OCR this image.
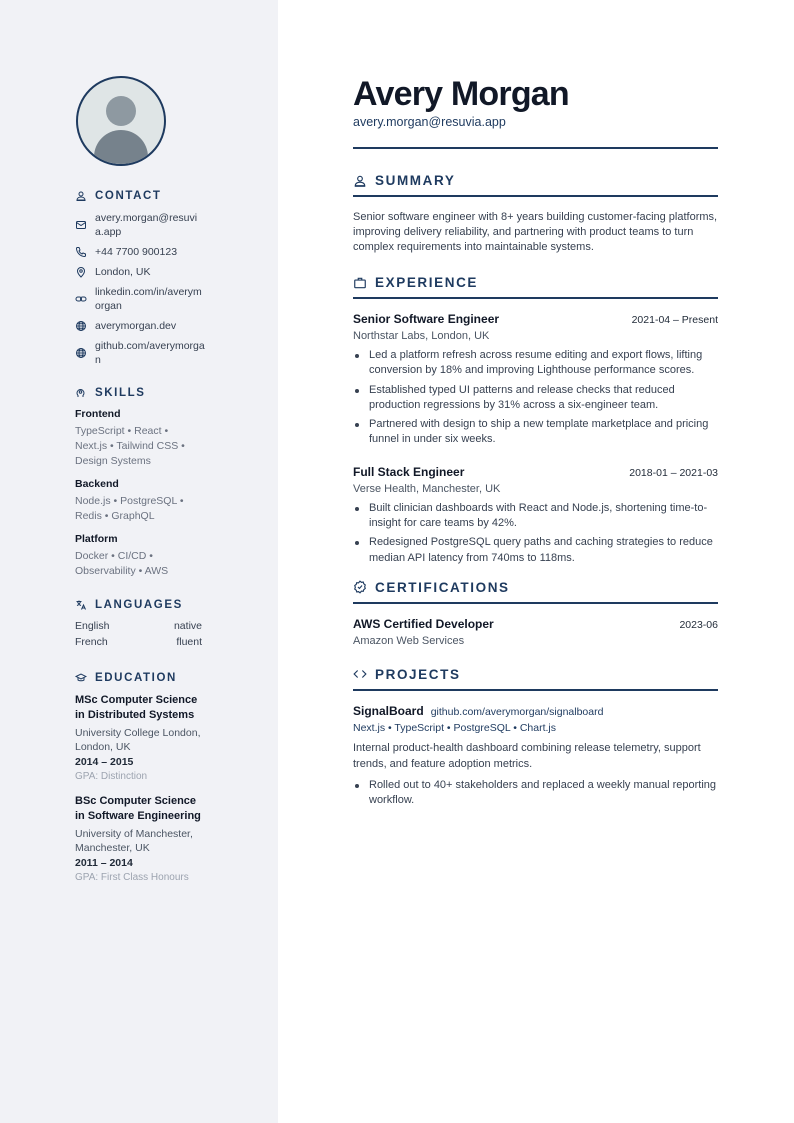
CONTACT
avery.morgan@resuvia.app
+44 7700 900123
London, UK
linkedin.com/in/averymorgan
averymorgan.dev
github.com/averymorgan
SKILLS
Frontend
TypeScript • React • Next.js • Tailwind CSS • Design Systems
Backend
Node.js • PostgreSQL • Redis • GraphQL
Platform
Docker • CI/CD • Observability • AWS
LANGUAGES
English	native
French	fluent
EDUCATION
MSc Computer Science in Distributed Systems
University College London, London, UK
2014 – 2015
GPA: Distinction
BSc Computer Science in Software Engineering
University of Manchester, Manchester, UK
2011 – 2014
GPA: First Class Honours
Avery Morgan
avery.morgan@resuvia.app
SUMMARY

Senior software engineer with 8+ years building customer-facing platforms, improving delivery reliability, and partnering with product teams to turn complex requirements into maintainable systems.

EXPERIENCE
Senior Software Engineer	2021-04 – Present
Northstar Labs, London, UK
Led a platform refresh across resume editing and export flows, lifting conversion by 18% and improving Lighthouse performance scores.
Established typed UI patterns and release checks that reduced production regressions by 31% across a six-engineer team.
Partnered with design to ship a new template marketplace and pricing funnel in under six weeks.
Full Stack Engineer	2018-01 – 2021-03
Verse Health, Manchester, UK
Built clinician dashboards with React and Node.js, shortening time-to-insight for care teams by 42%.
Redesigned PostgreSQL query paths and caching strategies to reduce median API latency from 740ms to 118ms.
CERTIFICATIONS
AWS Certified Developer	2023-06
Amazon Web Services
PROJECTS
SignalBoard github.com/averymorgan/signalboard
Next.js • TypeScript • PostgreSQL • Chart.js

Internal product-health dashboard combining release telemetry, support trends, and feature adoption metrics.

Rolled out to 40+ stakeholders and replaced a weekly manual reporting workflow.
